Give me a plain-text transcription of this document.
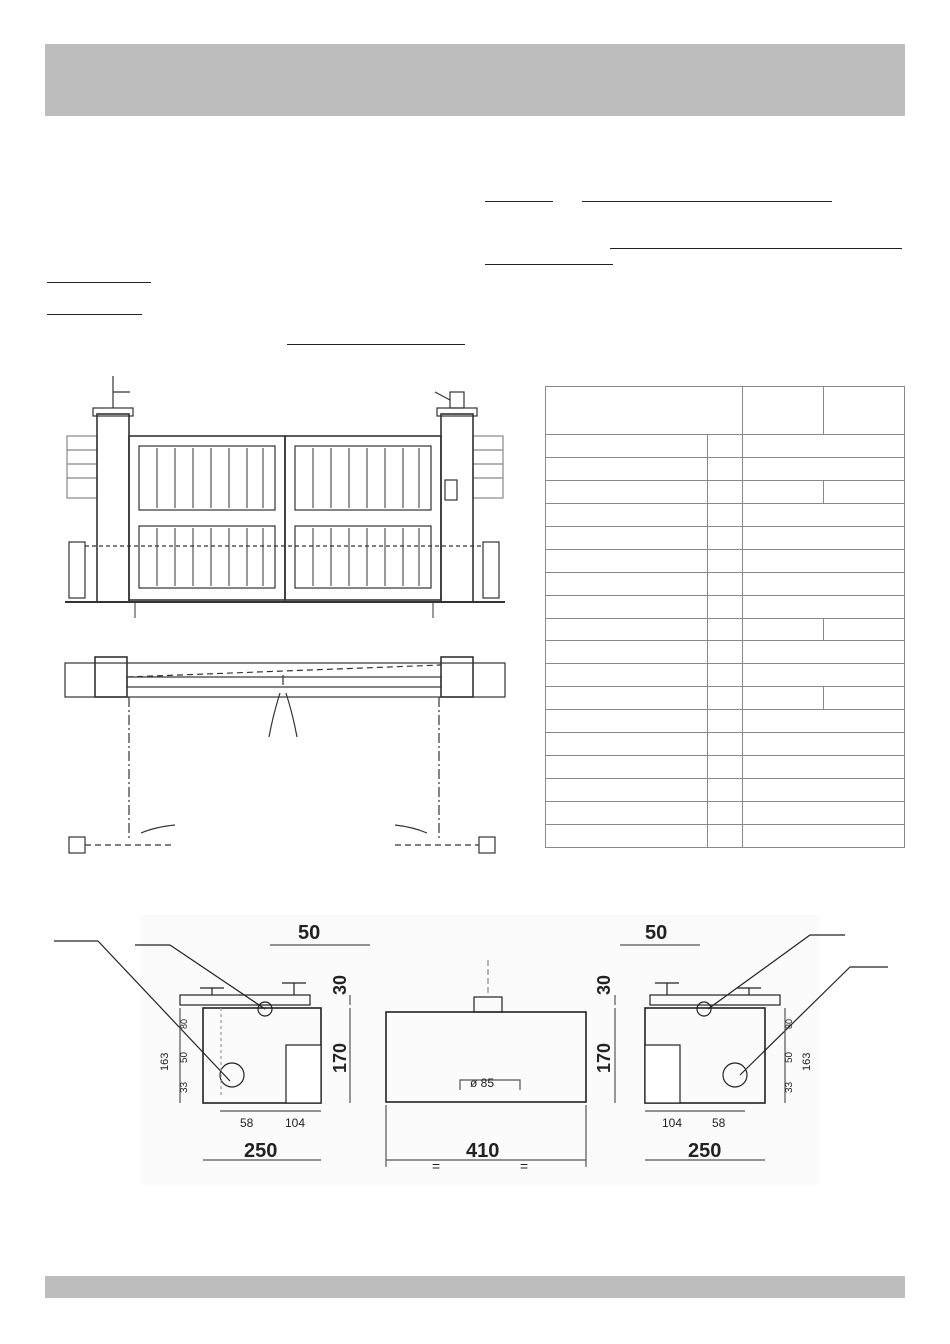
50
30
170
163
80
50
33
58	104
250
ø 85
410
=	=
50
30
170	163
80
50
33
104 58
250
